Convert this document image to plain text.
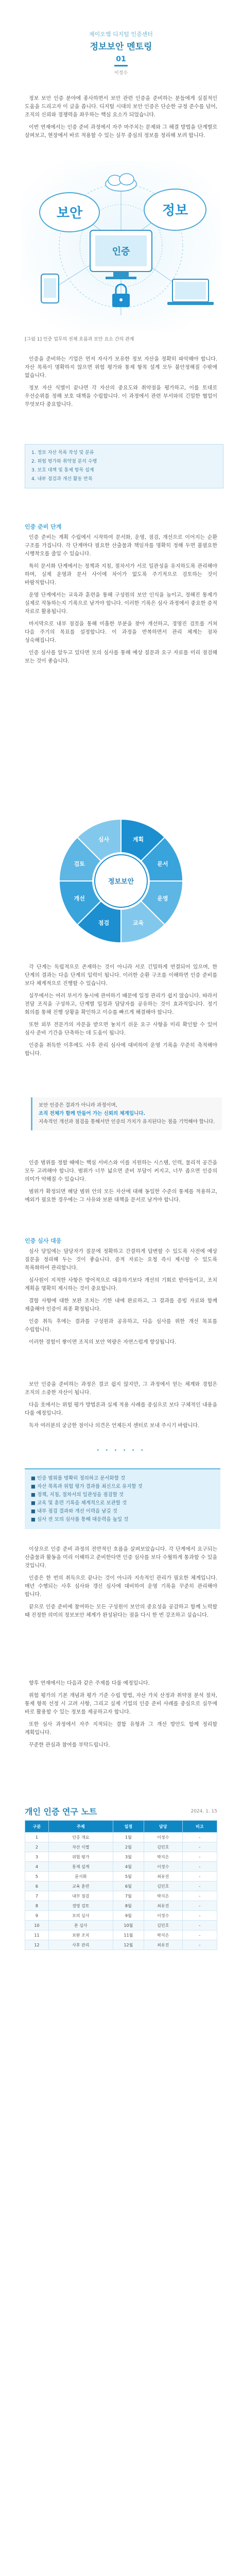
제이오엠 디지털 인증센터
정보보안 멘토링
01
이정수

정보 보안 인증 분야에 종사하면서 보안 관련 인증을 준비하는 분들에게 실질적인 도움을 드리고자 이 글을 씁니다. 디지털 시대의 보안 인증은 단순한 규정 준수를 넘어, 조직의 신뢰와 경쟁력을 좌우하는 핵심 요소가 되었습니다.

이번 연재에서는 인증 준비 과정에서 자주 마주치는 문제와 그 해결 방법을 단계별로 살펴보고, 현장에서 바로 적용할 수 있는 실무 중심의 정보를 정리해 보려 합니다.

보안	정보
인증
[그림 1] 인증 업무의 전체 흐름과 보안 요소 간의 관계

인증을 준비하는 기업은 먼저 자사가 보유한 정보 자산을 정확히 파악해야 합니다. 자산 목록이 명확하지 않으면 위험 평가와 통제 항목 설계 모두 불안정해질 수밖에 없습니다.

정보 자산 식별이 끝나면 각 자산의 중요도와 취약점을 평가하고, 이를 토대로 우선순위를 정해 보호 대책을 수립합니다. 이 과정에서 관련 부서와의 긴밀한 협업이 무엇보다 중요합니다.

1. 정보 자산 목록 작성 및 분류
2. 위험 평가와 취약점 분석 수행
3. 보호 대책 및 통제 항목 설계
4. 내부 점검과 개선 활동 반복
인증 준비 단계

인증 준비는 계획 수립에서 시작하여 문서화, 운영, 점검, 개선으로 이어지는 순환 구조를 가집니다. 각 단계마다 필요한 산출물과 책임자를 명확히 정해 두면 불필요한 시행착오를 줄일 수 있습니다.

특히 문서화 단계에서는 정책과 지침, 절차서가 서로 일관성을 유지하도록 관리해야 하며, 실제 운영과 문서 사이에 차이가 없도록 주기적으로 검토하는 것이 바람직합니다.

운영 단계에서는 교육과 훈련을 통해 구성원의 보안 인식을 높이고, 정해진 통제가 실제로 작동하는지 기록으로 남겨야 합니다. 이러한 기록은 심사 과정에서 중요한 증적 자료로 활용됩니다.

마지막으로 내부 점검을 통해 미흡한 부분을 찾아 개선하고, 경영진 검토를 거쳐 다음 주기의 목표를 설정합니다. 이 과정을 반복하면서 관리 체계는 점차 성숙해집니다.

인증 심사를 앞두고 있다면 모의 심사를 통해 예상 질문과 요구 자료를 미리 점검해 보는 것이 좋습니다.

계획
문서
운영
교육
점검
개선
검토
심사
정보보안

각 단계는 독립적으로 존재하는 것이 아니라 서로 긴밀하게 연결되어 있으며, 한 단계의 결과는 다음 단계의 입력이 됩니다. 이러한 순환 구조를 이해하면 인증 준비를 보다 체계적으로 진행할 수 있습니다.

실무에서는 여러 부서가 동시에 관여하기 때문에 일정 관리가 쉽지 않습니다. 따라서 전담 조직을 구성하고, 단계별 일정과 담당자를 공유하는 것이 효과적입니다. 정기 회의를 통해 진행 상황을 확인하고 이슈를 빠르게 해결해야 합니다.

또한 외부 전문가의 자문을 받으면 놓치기 쉬운 요구 사항을 미리 확인할 수 있어 심사 준비 기간을 단축하는 데 도움이 됩니다.

인증을 취득한 이후에도 사후 관리 심사에 대비하여 운영 기록을 꾸준히 축적해야 합니다.

보안 인증은 결과가 아니라 과정이며,
조직 전체가 함께 만들어 가는 신뢰의 체계입니다.
지속적인 개선과 점검을 통해서만 인증의 가치가 유지된다는 점을 기억해야 합니다.

인증 범위를 정할 때에는 핵심 서비스와 이를 지원하는 시스템, 인력, 물리적 공간을 모두 고려해야 합니다. 범위가 너무 넓으면 준비 부담이 커지고, 너무 좁으면 인증의 의미가 약해질 수 있습니다.

범위가 확정되면 해당 범위 안의 모든 자산에 대해 동일한 수준의 통제를 적용하고, 예외가 필요한 경우에는 그 사유와 보완 대책을 문서로 남겨야 합니다.

인증 심사 대응

심사 당일에는 담당자가 질문에 정확하고 간결하게 답변할 수 있도록 사전에 예상 질문을 정리해 두는 것이 좋습니다. 증적 자료는 요청 즉시 제시할 수 있도록 목록화하여 관리합니다.

심사원이 지적한 사항은 방어적으로 대응하기보다 개선의 기회로 받아들이고, 조치 계획을 명확히 제시하는 것이 중요합니다.

결함 사항에 대한 보완 조치는 기한 내에 완료하고, 그 결과를 증빙 자료와 함께 제출해야 인증이 최종 확정됩니다.

인증 취득 후에는 결과를 구성원과 공유하고, 다음 심사를 위한 개선 목표를 수립합니다.

이러한 경험이 쌓이면 조직의 보안 역량은 자연스럽게 향상됩니다.

보안 인증을 준비하는 과정은 결코 쉽지 않지만, 그 과정에서 얻는 체계와 경험은 조직의 소중한 자산이 됩니다.

다음 호에서는 위험 평가 방법론과 실제 적용 사례를 중심으로 보다 구체적인 내용을 다룰 예정입니다.

독자 여러분의 궁금한 점이나 의견은 언제든지 센터로 보내 주시기 바랍니다.

• • • • • •
■ 인증 범위를 명확히 정의하고 문서화할 것
■ 자산 목록과 위험 평가 결과를 최신으로 유지할 것
■ 정책, 지침, 절차서의 일관성을 점검할 것
■ 교육 및 훈련 기록을 체계적으로 보관할 것
■ 내부 점검 결과와 개선 이력을 남길 것
■ 심사 전 모의 심사를 통해 대응력을 높일 것

이상으로 인증 준비 과정의 전반적인 흐름을 살펴보았습니다. 각 단계에서 요구되는 산출물과 활동을 미리 이해하고 준비한다면 인증 심사를 보다 수월하게 통과할 수 있을 것입니다.

인증은 한 번의 취득으로 끝나는 것이 아니라 지속적인 관리가 필요한 체계입니다. 매년 수행되는 사후 심사와 갱신 심사에 대비하여 운영 기록을 꾸준히 관리해야 합니다.

끝으로 인증 준비에 참여하는 모든 구성원이 보안의 중요성을 공감하고 함께 노력할 때 진정한 의미의 정보보안 체계가 완성된다는 점을 다시 한 번 강조하고 싶습니다.

향후 연재에서는 다음과 같은 주제를 다룰 예정입니다.

위험 평가의 기본 개념과 평가 기준 수립 방법, 자산 가치 산정과 취약점 분석 절차, 통제 항목 선정 시 고려 사항, 그리고 실제 기업의 인증 준비 사례를 중심으로 실무에 바로 활용할 수 있는 정보를 제공하고자 합니다.

또한 심사 과정에서 자주 지적되는 결함 유형과 그 개선 방안도 함께 정리할 계획입니다.

꾸준한 관심과 참여를 부탁드립니다.

개인 인증 연구 노트	2024. 1. 15
구분	주제	일정	담당	비고
1	인증 개요	1월	이정수	-
2	자산 식별	2월	김민호	-
3	위험 평가	3월	박지은	-
4	통제 설계	4월	이정수	-
5	문서화	5월	최유진	-
6	교육 훈련	6월	김민호	-
7	내부 점검	7월	박지은	-
8	경영 검토	8월	최유진	-
9	모의 심사	9월	이정수	-
10	본 심사	10월	김민호	-
11	보완 조치	11월	박지은	-
12	사후 관리	12월	최유진	-
